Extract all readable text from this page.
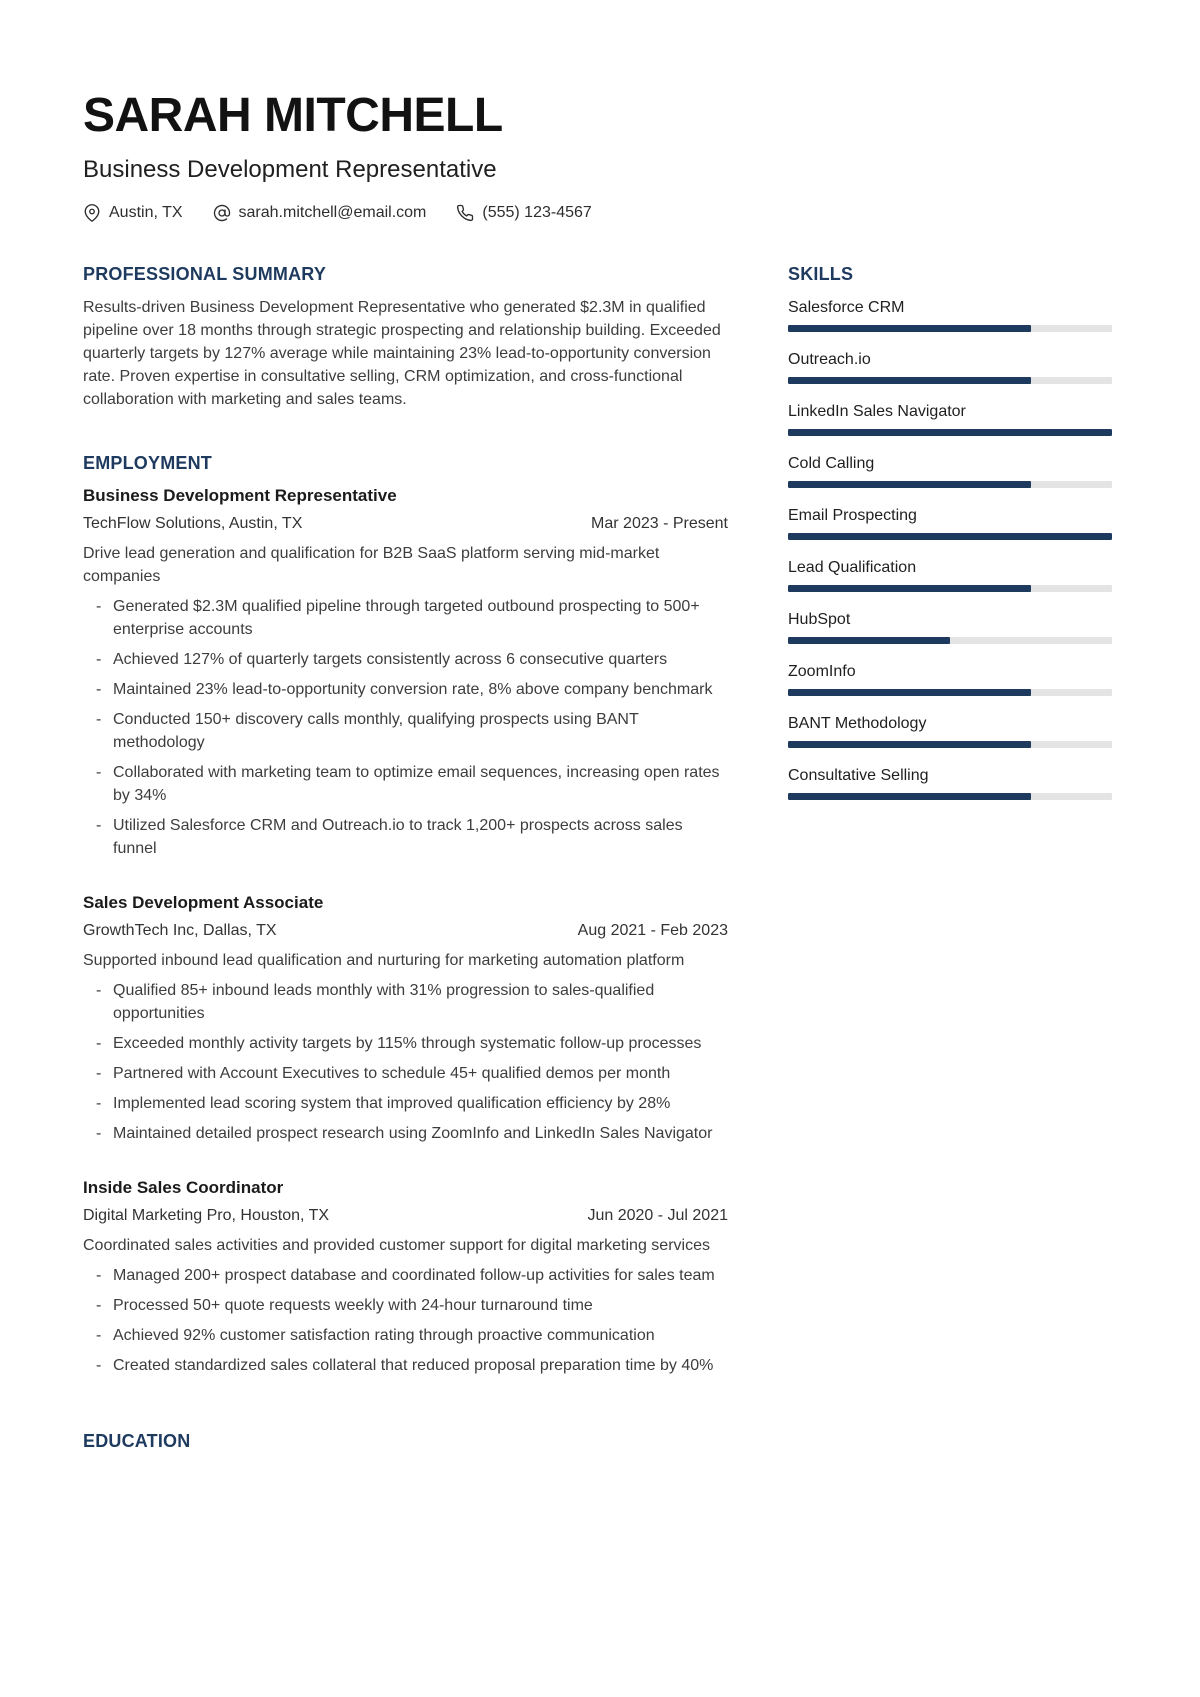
SARAH MITCHELL
Business Development Representative
Austin, TX	sarah.mitchell@email.com	(555) 123-4567
PROFESSIONAL SUMMARY
Results-driven Business Development Representative who generated $2.3M in qualified pipeline over 18 months through strategic prospecting and relationship building. Exceeded quarterly targets by 127% average while maintaining 23% lead-to-opportunity conversion rate. Proven expertise in consultative selling, CRM optimization, and cross-functional collaboration with marketing and sales teams.
EMPLOYMENT
Business Development Representative
TechFlow Solutions, Austin, TX	Mar 2023 - Present
Drive lead generation and qualification for B2B SaaS platform serving mid-market companies
- Generated $2.3M qualified pipeline through targeted outbound prospecting to 500+ enterprise accounts
- Achieved 127% of quarterly targets consistently across 6 consecutive quarters
- Maintained 23% lead-to-opportunity conversion rate, 8% above company benchmark
- Conducted 150+ discovery calls monthly, qualifying prospects using BANT methodology
- Collaborated with marketing team to optimize email sequences, increasing open rates by 34%
- Utilized Salesforce CRM and Outreach.io to track 1,200+ prospects across sales funnel
Sales Development Associate
GrowthTech Inc, Dallas, TX	Aug 2021 - Feb 2023
Supported inbound lead qualification and nurturing for marketing automation platform
- Qualified 85+ inbound leads monthly with 31% progression to sales-qualified opportunities
- Exceeded monthly activity targets by 115% through systematic follow-up processes
- Partnered with Account Executives to schedule 45+ qualified demos per month
- Implemented lead scoring system that improved qualification efficiency by 28%
- Maintained detailed prospect research using ZoomInfo and LinkedIn Sales Navigator
Inside Sales Coordinator
Digital Marketing Pro, Houston, TX	Jun 2020 - Jul 2021
Coordinated sales activities and provided customer support for digital marketing services
- Managed 200+ prospect database and coordinated follow-up activities for sales team
- Processed 50+ quote requests weekly with 24-hour turnaround time
- Achieved 92% customer satisfaction rating through proactive communication
- Created standardized sales collateral that reduced proposal preparation time by 40%
EDUCATION
SKILLS
Salesforce CRM
Outreach.io
LinkedIn Sales Navigator
Cold Calling
Email Prospecting
Lead Qualification
HubSpot
ZoomInfo
BANT Methodology
Consultative Selling
